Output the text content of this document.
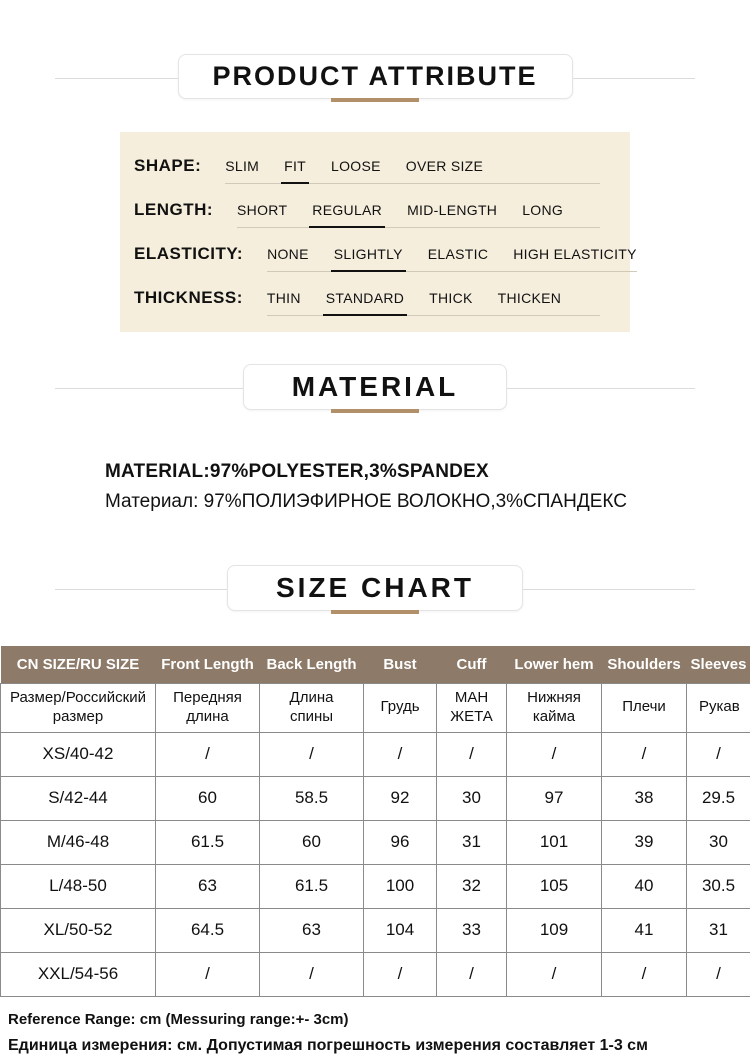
PRODUCT ATTRIBUTE
SHAPE: SLIM FIT LOOSE OVER SIZE
LENGTH: SHORT REGULAR MID-LENGTH LONG
ELASTICITY: NONE SLIGHTLY ELASTIC HIGH ELASTICITY
THICKNESS: THIN STANDARD THICK THICKEN
MATERIAL
MATERIAL:97%POLYESTER,3%SPANDEX
Материал: 97%ПОЛИЭФИРНОЕ ВОЛОКНО,3%СПАНДЕКС
SIZE CHART
CN SIZE/RU SIZE	Front Length	Back Length	Bust	Cuff	Lower hem	Shoulders	Sleeves
Размер/Российский размер	Передняя длина	Длина спины	Грудь	МАН ЖЕТА	Нижняя кайма	Плечи	Рукав
XS/40-42	/	/	/	/	/	/	/
S/42-44	60	58.5	92	30	97	38	29.5
M/46-48	61.5	60	96	31	101	39	30
L/48-50	63	61.5	100	32	105	40	30.5
XL/50-52	64.5	63	104	33	109	41	31
XXL/54-56	/	/	/	/	/	/	/
Reference Range: cm (Messuring range:+- 3cm)
Единица измерения: см. Допустимая погрешность измерения составляет 1-3 см
